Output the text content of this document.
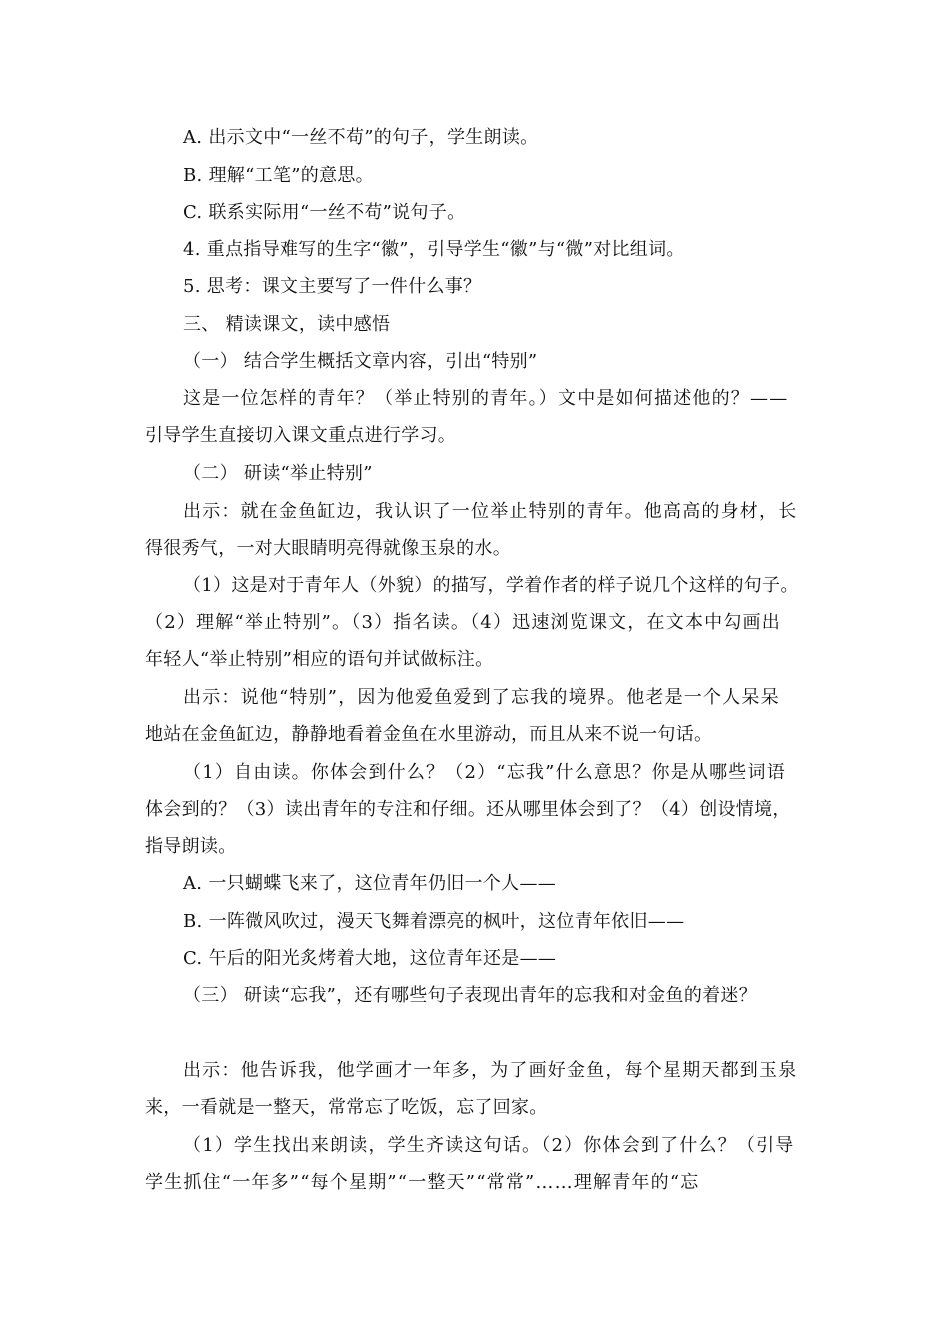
A. 出示文中“一丝不苟”的句子，学生朗读。
B. 理解“工笔”的意思。
C. 联系实际用“一丝不苟”说句子。
4. 重点指导难写的生字“徽”，引导学生“徽”与“微”对比组词。
5. 思考：课文主要写了一件什么事？
三、 精读课文，读中感悟
（一） 结合学生概括文章内容，引出“特别”
这是一位怎样的青年？（举止特别的青年。）文中是如何描述他的？——
引导学生直接切入课文重点进行学习。
（二） 研读“举止特别”
出示：就在金鱼缸边，我认识了一位举止特别的青年。他高高的身材，长
得很秀气，一对大眼睛明亮得就像玉泉的水。
（1）这是对于青年人（外貌）的描写，学着作者的样子说几个这样的句子。
（2）理解“举止特别”。（3）指名读。（4）迅速浏览课文，在文本中勾画出
年轻人“举止特别”相应的语句并试做标注。
出示：说他“特别”，因为他爱鱼爱到了忘我的境界。他老是一个人呆呆
地站在金鱼缸边，静静地看着金鱼在水里游动，而且从来不说一句话。
（1）自由读。你体会到什么？（2）“忘我”什么意思？你是从哪些词语
体会到的？（3）读出青年的专注和仔细。还从哪里体会到了？（4）创设情境，
指导朗读。
A. 一只蝴蝶飞来了，这位青年仍旧一个人——
B. 一阵微风吹过，漫天飞舞着漂亮的枫叶，这位青年依旧——
C. 午后的阳光炙烤着大地，这位青年还是——
（三） 研读“忘我”，还有哪些句子表现出青年的忘我和对金鱼的着迷？
出示：他告诉我，他学画才一年多，为了画好金鱼，每个星期天都到玉泉
来，一看就是一整天，常常忘了吃饭，忘了回家。
（1）学生找出来朗读，学生齐读这句话。（2）你体会到了什么？（引导
学生抓住“一年多”“每个星期”“一整天”“常常”……理解青年的“忘
